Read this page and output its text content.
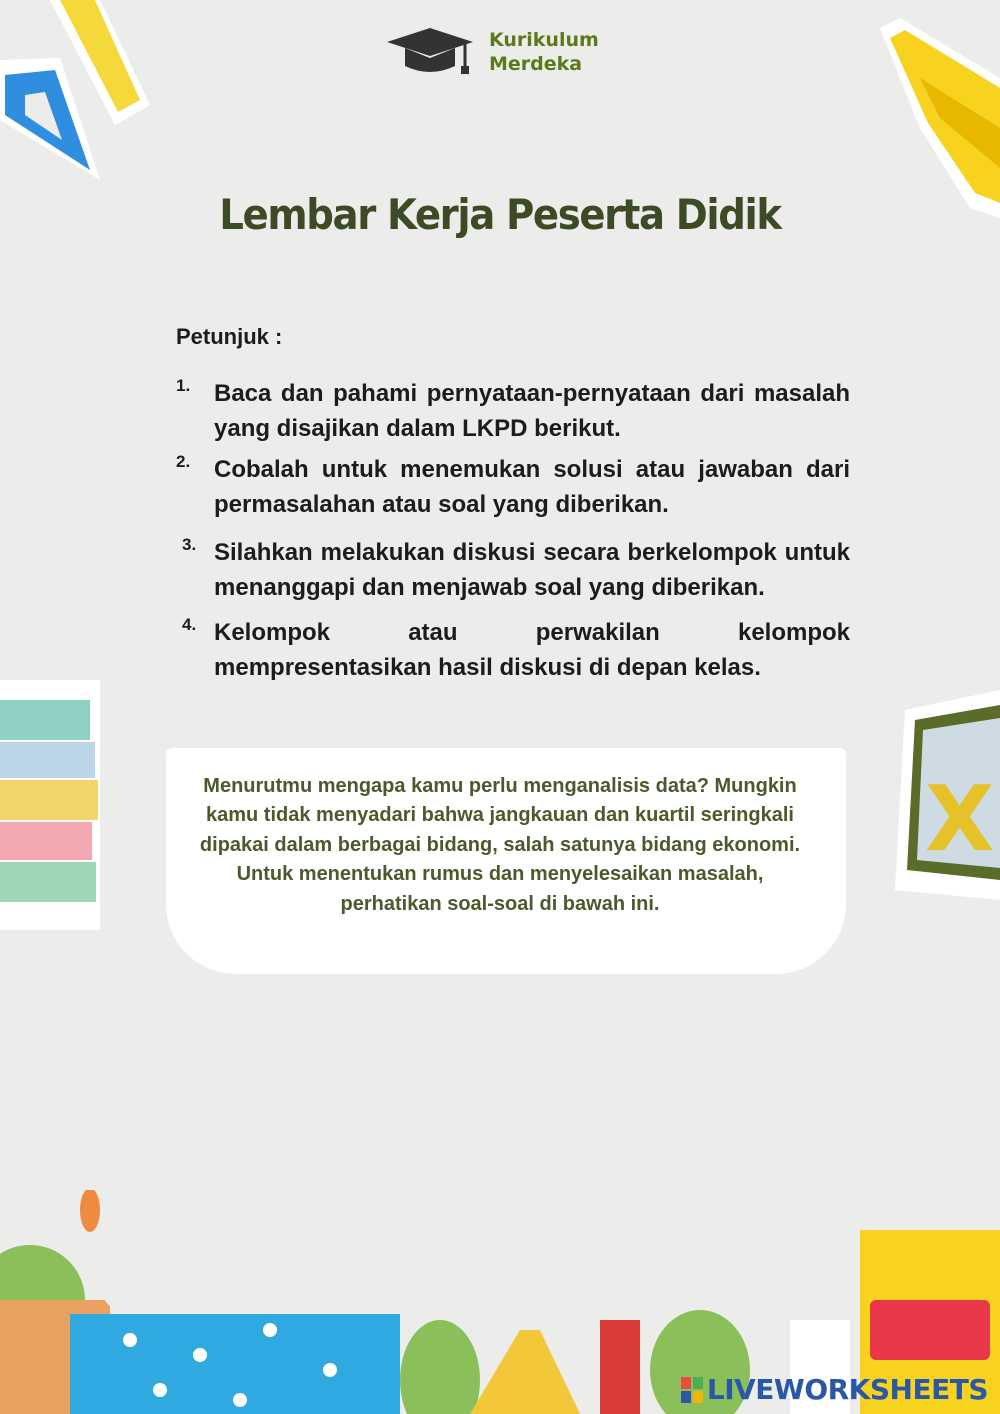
X
Kurikulum
Merdeka
Lembar Kerja Peserta Didik
Petunjuk :
1. Baca dan pahami pernyataan-pernyataan dari masalah yang disajikan dalam LKPD berikut.
2. Cobalah untuk menemukan solusi atau jawaban dari permasalahan atau soal yang diberikan.
3. Silahkan melakukan diskusi secara berkelompok untuk menanggapi dan menjawab soal yang diberikan.
4. Kelompok atau perwakilan kelompok mempresentasikan hasil diskusi di depan kelas.
Menurutmu mengapa kamu perlu menganalisis data? Mungkin kamu tidak menyadari bahwa jangkauan dan kuartil seringkali dipakai dalam berbagai bidang, salah satunya bidang ekonomi. Untuk menentukan rumus dan menyelesaikan masalah, perhatikan soal-soal di bawah ini.
LIVEWORKSHEETS
